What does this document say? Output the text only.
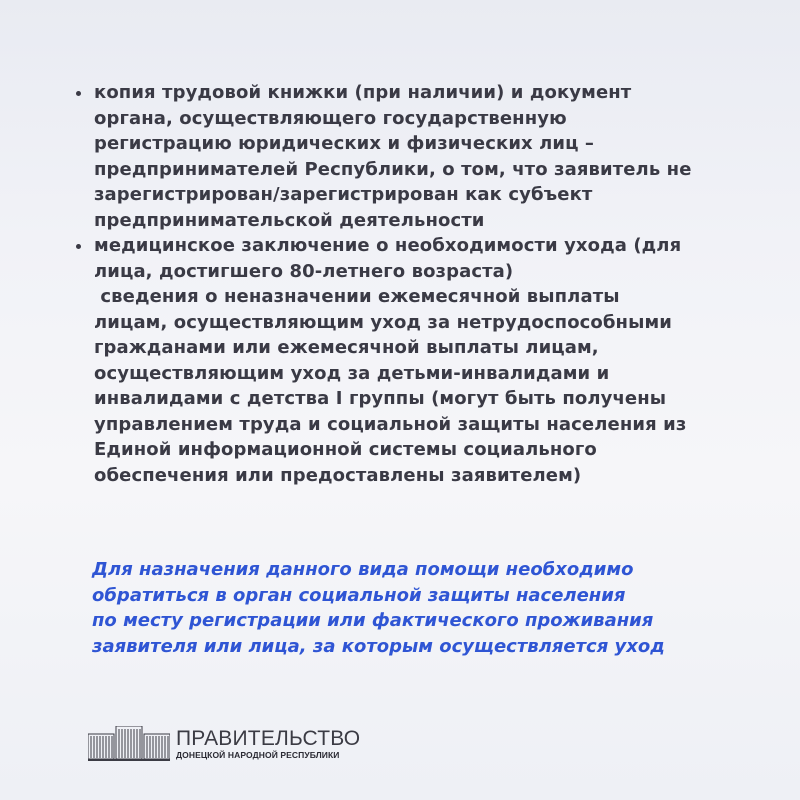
копия трудовой книжки (при наличии) и документ
органа, осуществляющего государственную
регистрацию юридических и физических лиц –
предпринимателей Республики, о том, что заявитель не
зарегистрирован/зарегистрирован как субъект
предпринимательской деятельности
медицинское заключение о необходимости ухода (для
лица, достигшего 80-летнего возраста)
сведения о неназначении ежемесячной выплаты
лицам, осуществляющим уход за нетрудоспособными
гражданами или ежемесячной выплаты лицам,
осуществляющим уход за детьми-инвалидами и
инвалидами с детства I группы (могут быть получены
управлением труда и социальной защиты населения из
Единой информационной системы социального
обеспечения или предоставлены заявителем)
Для назначения данного вида помощи необходимо
обратиться в орган социальной защиты населения
по месту регистрации или фактического проживания
заявителя или лица, за которым осуществляется уход
ПРАВИТЕЛЬСТВО
ДОНЕЦКОЙ НАРОДНОЙ РЕСПУБЛИКИ
